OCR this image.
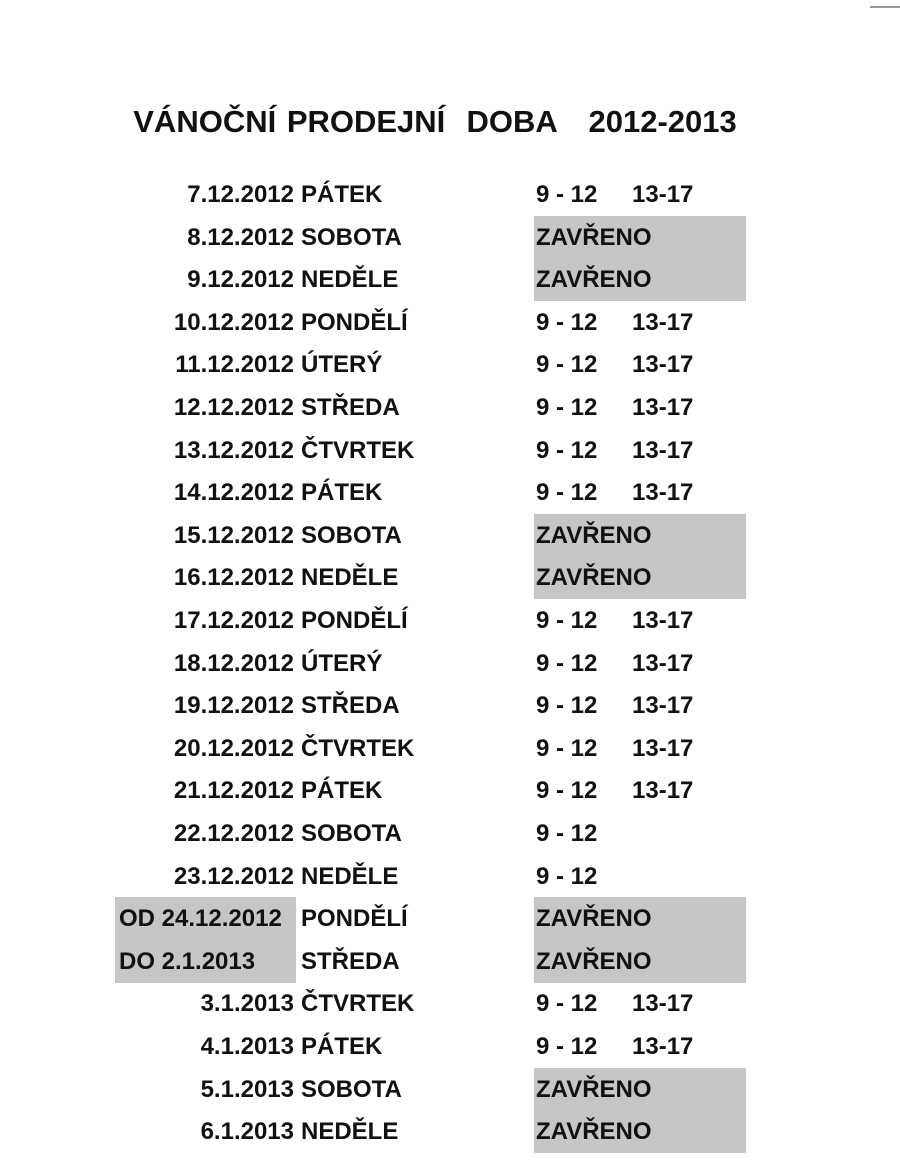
VÁNOČNÍ PRODEJNÍ  DOBA   2012-2013
7.12.2012 PÁTEK	9 - 12 13-17
8.12.2012 SOBOTA	ZAVŘENO
9.12.2012 NEDĚLE	ZAVŘENO
10.12.2012 PONDĚLÍ	9 - 12 13-17
11.12.2012 ÚTERÝ	9 - 12 13-17
12.12.2012 STŘEDA	9 - 12 13-17
13.12.2012 ČTVRTEK	9 - 12 13-17
14.12.2012 PÁTEK	9 - 12 13-17
15.12.2012 SOBOTA	ZAVŘENO
16.12.2012 NEDĚLE	ZAVŘENO
17.12.2012 PONDĚLÍ	9 - 12 13-17
18.12.2012 ÚTERÝ	9 - 12 13-17
19.12.2012 STŘEDA	9 - 12 13-17
20.12.2012 ČTVRTEK	9 - 12 13-17
21.12.2012 PÁTEK	9 - 12 13-17
22.12.2012 SOBOTA	9 - 12
23.12.2012 NEDĚLE	9 - 12
OD 24.12.2012 PONDĚLÍ	ZAVŘENO
DO 2.1.2013	STŘEDA	ZAVŘENO
3.1.2013 ČTVRTEK	9 - 12 13-17
4.1.2013 PÁTEK	9 - 12 13-17
5.1.2013 SOBOTA	ZAVŘENO
6.1.2013 NEDĚLE	ZAVŘENO
